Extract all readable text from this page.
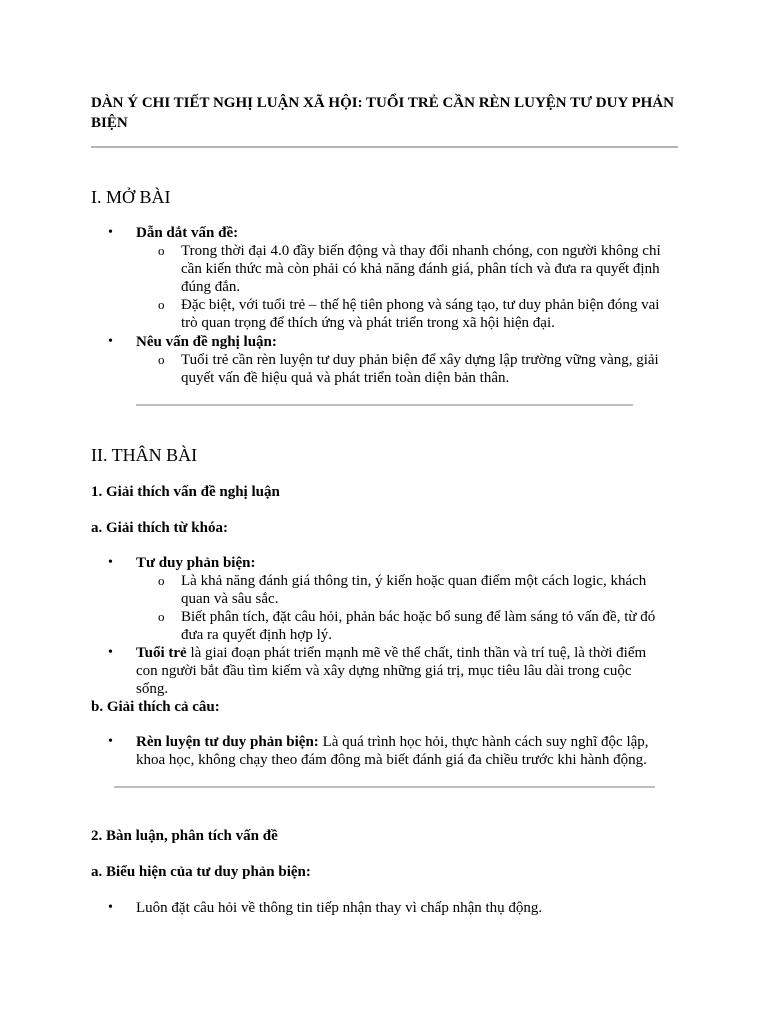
DÀN Ý CHI TIẾT NGHỊ LUẬN XÃ HỘI: TUỔI TRẺ CẦN RÈN LUYỆN TƯ DUY PHẢN BIỆN
I. MỞ BÀI
•	Dẫn dắt vấn đề:
o	Trong thời đại 4.0 đầy biến động và thay đổi nhanh chóng, con người không chỉ cần kiến thức mà còn phải có khả năng đánh giá, phân tích và đưa ra quyết định đúng đắn.
o	Đặc biệt, với tuổi trẻ – thế hệ tiên phong và sáng tạo, tư duy phản biện đóng vai trò quan trọng để thích ứng và phát triển trong xã hội hiện đại.
•	Nêu vấn đề nghị luận:
o	Tuổi trẻ cần rèn luyện tư duy phản biện để xây dựng lập trường vững vàng, giải quyết vấn đề hiệu quả và phát triển toàn diện bản thân.
II. THÂN BÀI
1. Giải thích vấn đề nghị luận
a. Giải thích từ khóa:
•	Tư duy phản biện:
o	Là khả năng đánh giá thông tin, ý kiến hoặc quan điểm một cách logic, khách quan và sâu sắc.
o	Biết phân tích, đặt câu hỏi, phản bác hoặc bổ sung để làm sáng tỏ vấn đề, từ đó đưa ra quyết định hợp lý.
•	Tuổi trẻ là giai đoạn phát triển mạnh mẽ về thể chất, tinh thần và trí tuệ, là thời điểm con người bắt đầu tìm kiếm và xây dựng những giá trị, mục tiêu lâu dài trong cuộc sống.
b. Giải thích cả câu:
•	Rèn luyện tư duy phản biện: Là quá trình học hỏi, thực hành cách suy nghĩ độc lập, khoa học, không chạy theo đám đông mà biết đánh giá đa chiều trước khi hành động.
2. Bàn luận, phân tích vấn đề
a. Biểu hiện của tư duy phản biện:
•	Luôn đặt câu hỏi về thông tin tiếp nhận thay vì chấp nhận thụ động.
